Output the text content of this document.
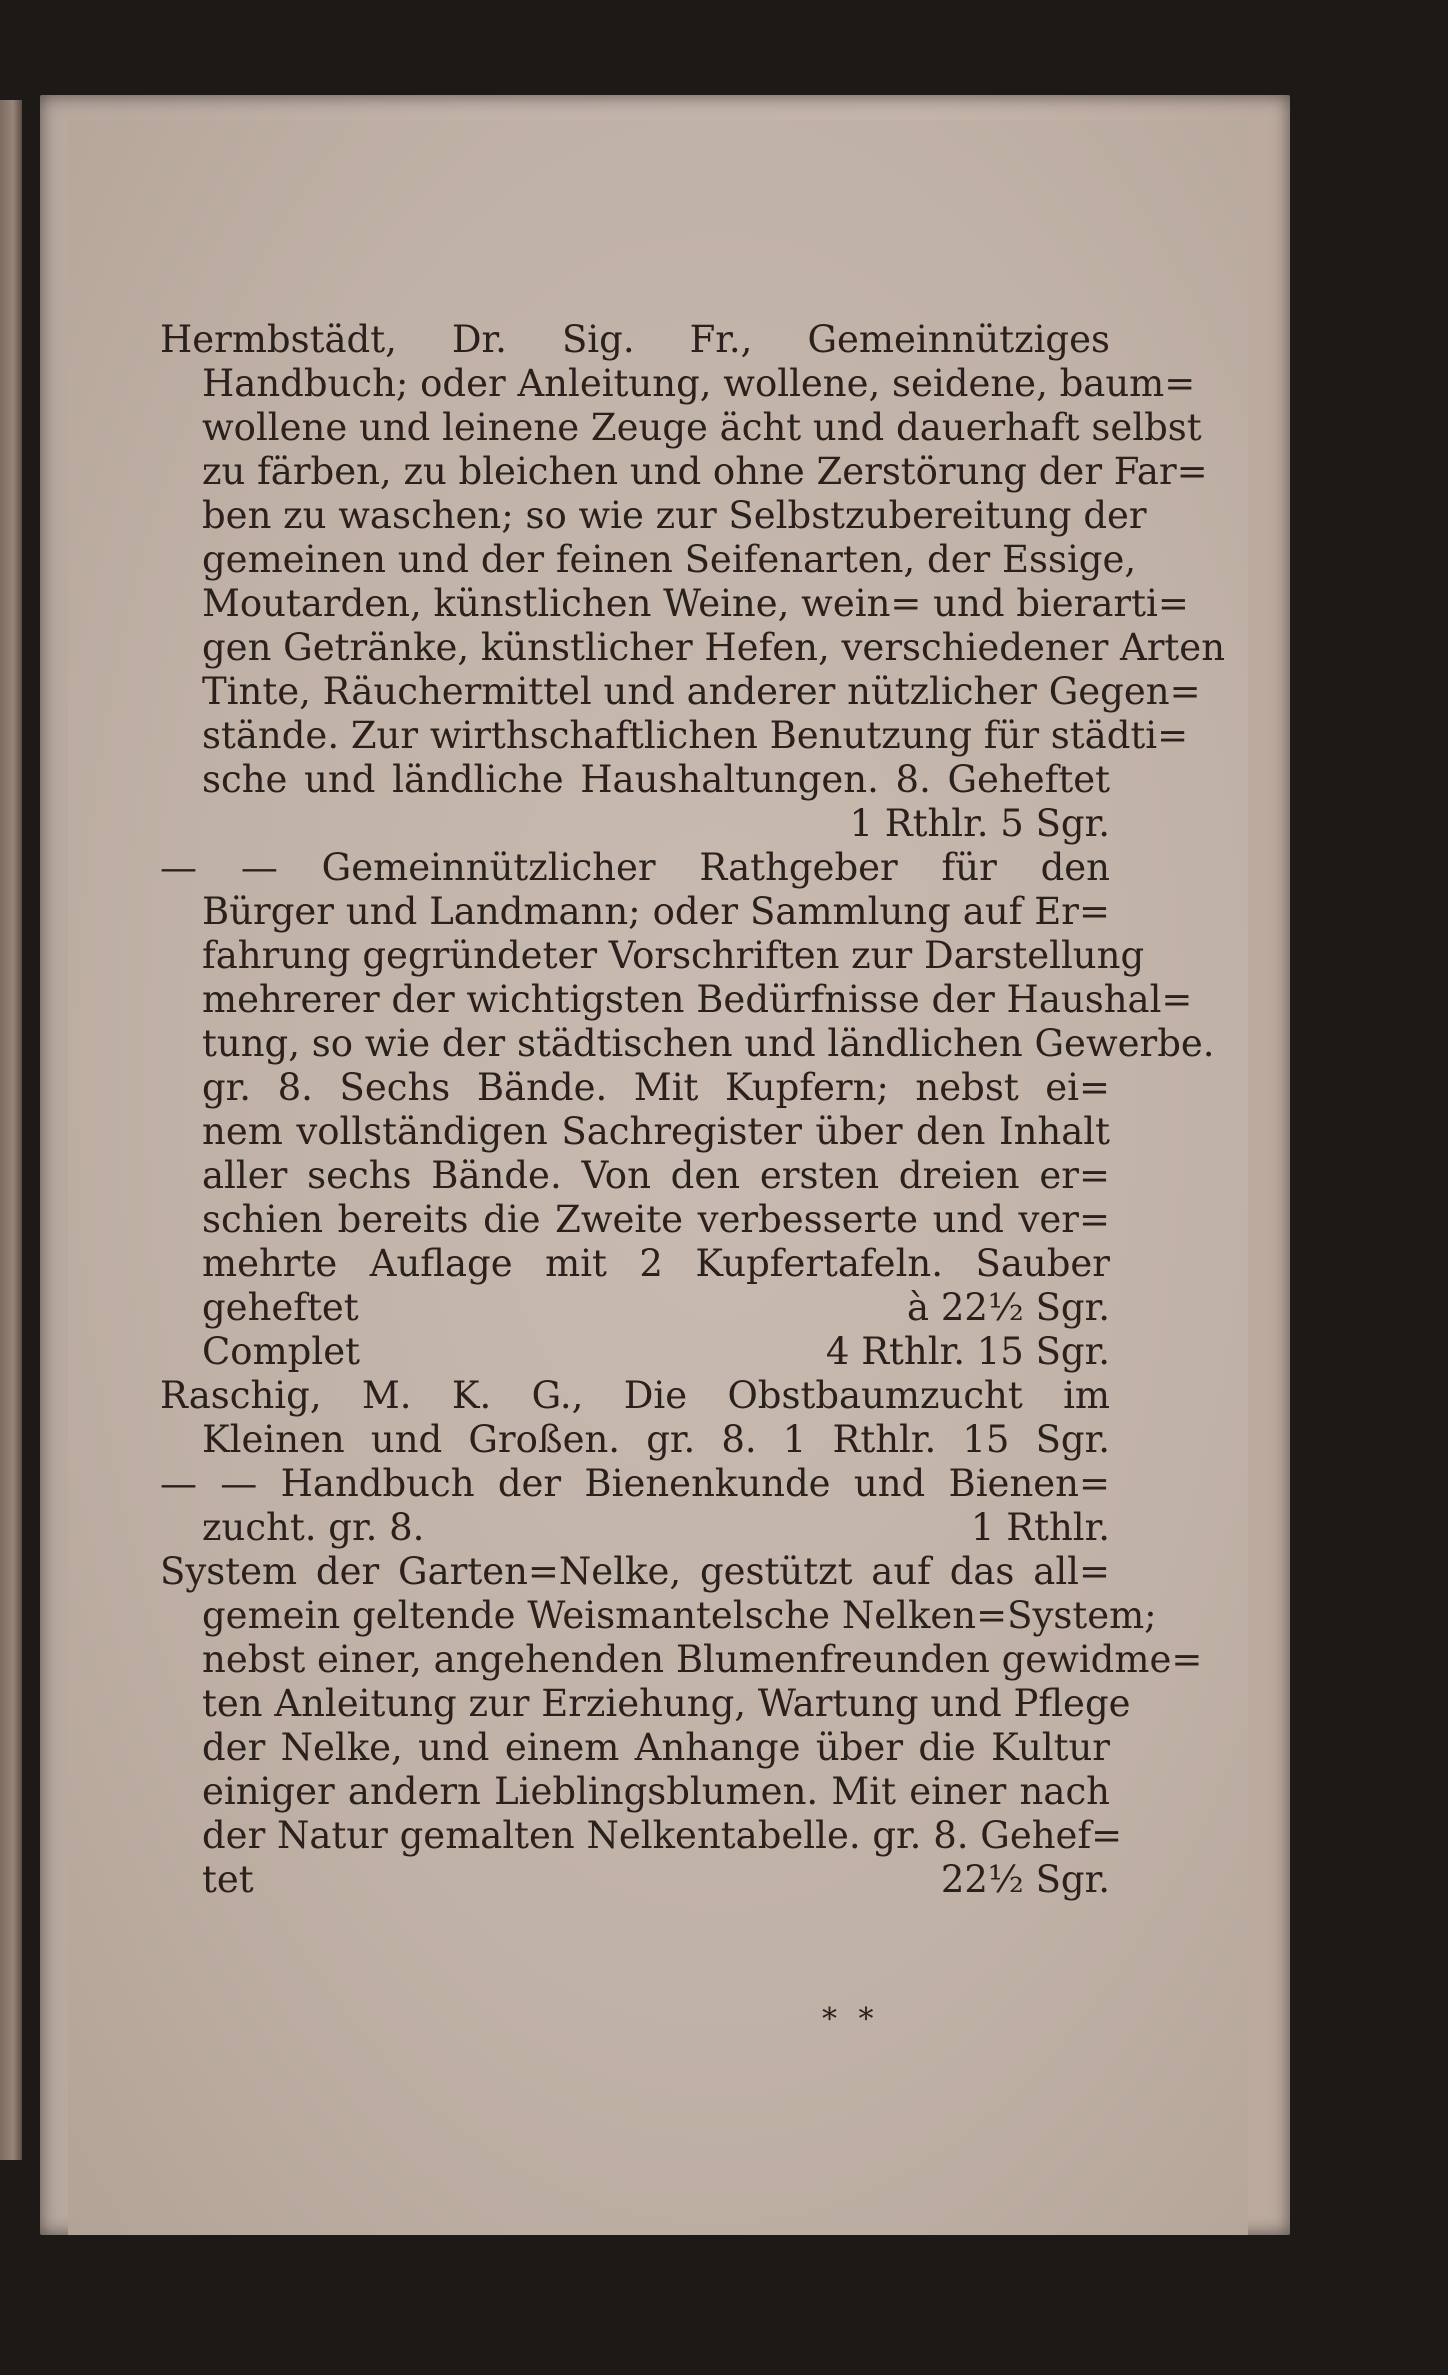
Hermbstädt, Dr. Sig. Fr., Gemeinnütziges
Handbuch; oder Anleitung, wollene, seidene, baum=
wollene und leinene Zeuge ächt und dauerhaft selbst
zu färben, zu bleichen und ohne Zerstörung der Far=
ben zu waschen; so wie zur Selbstzubereitung der
gemeinen und der feinen Seifenarten, der Essige,
Moutarden, künstlichen Weine, wein= und bierarti=
gen Getränke, künstlicher Hefen, verschiedener Arten
Tinte, Räuchermittel und anderer nützlicher Gegen=
stände. Zur wirthschaftlichen Benutzung für städti=
sche und ländliche Haushaltungen. 8. Geheftet
1 Rthlr. 5 Sgr.
— — Gemeinnützlicher Rathgeber für den
Bürger und Landmann; oder Sammlung auf Er=
fahrung gegründeter Vorschriften zur Darstellung
mehrerer der wichtigsten Bedürfnisse der Haushal=
tung, so wie der städtischen und ländlichen Gewerbe.
gr. 8. Sechs Bände. Mit Kupfern; nebst ei=
nem vollständigen Sachregister über den Inhalt
aller sechs Bände. Von den ersten dreien er=
schien bereits die Zweite verbesserte und ver=
mehrte Auflage mit 2 Kupfertafeln. Sauber
geheftet	à 22½ Sgr.
Complet	4 Rthlr. 15 Sgr.
Raschig, M. K. G., Die Obstbaumzucht im
Kleinen und Großen. gr. 8. 1 Rthlr. 15 Sgr.
— — Handbuch der Bienenkunde und Bienen=
zucht. gr. 8.	1 Rthlr.
System der Garten=Nelke, gestützt auf das all=
gemein geltende Weismantelsche Nelken=System;
nebst einer, angehenden Blumenfreunden gewidme=
ten Anleitung zur Erziehung, Wartung und Pflege
der Nelke, und einem Anhange über die Kultur
einiger andern Lieblingsblumen. Mit einer nach
der Natur gemalten Nelkentabelle. gr. 8. Gehef=
tet	22½ Sgr.
* *
